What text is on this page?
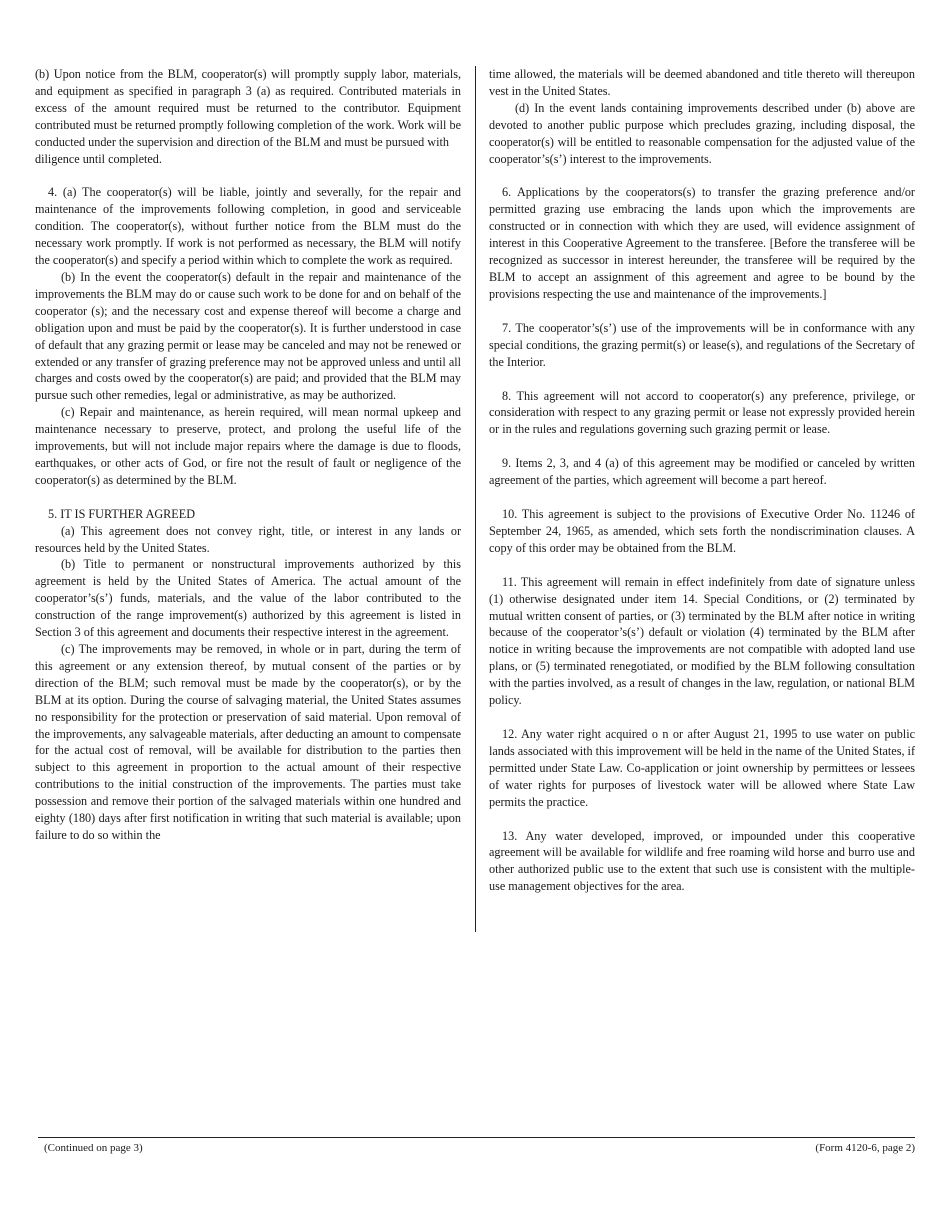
(b) Upon notice from the BLM, cooperator(s) will promptly supply labor, materials, and equipment as specified in paragraph 3 (a) as required. Contributed materials in excess of the amount required must be returned to the contributor. Equipment contributed must be returned promptly following completion of the work. Work will be conducted under the supervision and direction of the BLM and must be pursued with

diligence until completed.

4. (a) The cooperator(s) will be liable, jointly and severally, for the repair and maintenance of the improvements following completion, in good and serviceable condition. The cooperator(s), without further notice from the BLM must do the necessary work promptly. If work is not performed as necessary, the BLM will notify the cooperator(s) and specify a period within which to complete the work as required.

(b) In the event the cooperator(s) default in the repair and maintenance of the improvements the BLM may do or cause such work to be done for and on behalf of the cooperator (s); and the necessary cost and expense thereof will become a charge and obligation upon and must be paid by the cooperator(s). It is further understood in case of default that any grazing permit or lease may be canceled and may not be renewed or extended or any transfer of grazing preference may not be approved unless and until all charges and costs owed by the cooperator(s) are paid; and provided that the BLM may pursue such other remedies, legal or administrative, as may be authorized.

(c) Repair and maintenance, as herein required, will mean normal upkeep and maintenance necessary to preserve, protect, and prolong the useful life of the improvements, but will not include major repairs where the damage is due to floods, earthquakes, or other acts of God, or fire not the result of fault or negligence of the cooperator(s) as determined by the BLM.

5. IT IS FURTHER AGREED

(a) This agreement does not convey right, title, or interest in any lands or resources held by the United States.

(b) Title to permanent or nonstructural improvements authorized by this agreement is held by the United States of America. The actual amount of the cooperator’s(s’) funds, materials, and the value of the labor contributed to the construction of the range improvement(s) authorized by this agreement is listed in Section 3 of this agreement and documents their respective interest in the agreement.

(c) The improvements may be removed, in whole or in part, during the term of this agreement or any extension thereof, by mutual consent of the parties or by direction of the BLM; such removal must be made by the cooperator(s), or by the BLM at its option. During the course of salvaging material, the United States assumes no responsibility for the protection or preservation of said material. Upon removal of the improvements, any salvageable materials, after deducting an amount to compensate for the actual cost of removal, will be available for distribution to the parties then subject to this agreement in proportion to the actual amount of their respective contributions to the initial construction of the improvements. The parties must take possession and remove their portion of the salvaged materials within one hundred and eighty (180) days after first notification in writing that such material is available; upon failure to do so within the

time allowed, the materials will be deemed abandoned and title thereto will thereupon vest in the United States.

(d) In the event lands containing improvements described under (b) above are devoted to another public purpose which precludes grazing, including disposal, the cooperator(s) will be entitled to reasonable compensation for the adjusted value of the cooperator’s(s’) interest to the improvements.

6. Applications by the cooperators(s) to transfer the grazing preference and/or permitted grazing use embracing the lands upon which the improvements are constructed or in connection with which they are used, will evidence assignment of interest in this Cooperative Agreement to the transferee. [Before the transferee will be recognized as successor in interest hereunder, the transferee will be required by the BLM to accept an assignment of this agreement and agree to be bound by the provisions respecting the use and maintenance of the improvements.]

7. The cooperator’s(s’) use of the improvements will be in conformance with any special conditions, the grazing permit(s) or lease(s), and regulations of the Secretary of the Interior.

8. This agreement will not accord to cooperator(s) any preference, privilege, or consideration with respect to any grazing permit or lease not expressly provided herein or in the rules and regulations governing such grazing permit or lease.

9. Items 2, 3, and 4 (a) of this agreement may be modified or canceled by written agreement of the parties, which agreement will become a part hereof.

10. This agreement is subject to the provisions of Executive Order No. 11246 of September 24, 1965, as amended, which sets forth the nondiscrimination clauses. A copy of this order may be obtained from the BLM.

11. This agreement will remain in effect indefinitely from date of signature unless (1) otherwise designated under item 14. Special Conditions, or (2) terminated by mutual written consent of parties, or (3) terminated by the BLM after notice in writing because of the cooperator’s(s’) default or violation (4) terminated by the BLM after notice in writing because the improvements are not compatible with adopted land use plans, or (5) terminated renegotiated, or modified by the BLM following consultation with the parties involved, as a result of changes in the law, regulation, or national BLM policy.

12. Any water right acquired o n or after August 21, 1995 to use water on public lands associated with this improvement will be held in the name of the United States, if permitted under State Law. Co-application or joint ownership by permittees or lessees of water rights for purposes of livestock water will be allowed where State Law permits the practice.

13. Any water developed, improved, or impounded under this cooperative agreement will be available for wildlife and free roaming wild horse and burro use and other authorized public use to the extent that such use is consistent with the multiple-use management objectives for the area.

(Continued on page 3)	(Form 4120-6, page 2)
